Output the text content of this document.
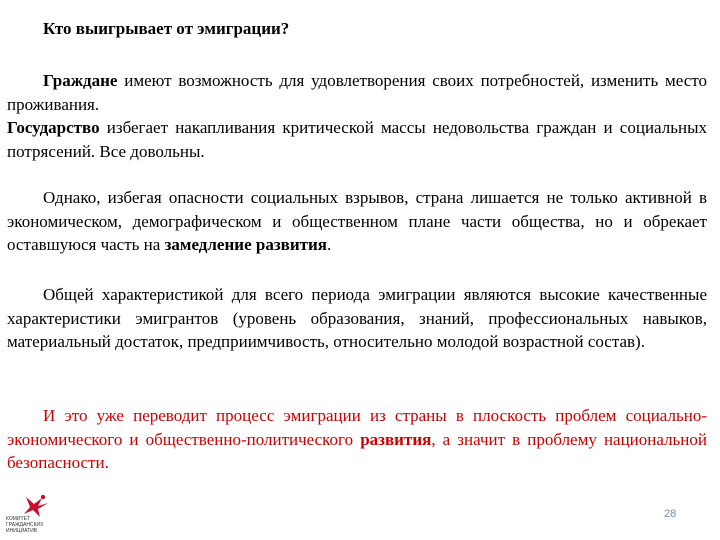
Кто выигрывает от эмиграции?

Граждане имеют возможность для удовлетворения своих потребностей, изменить место проживания.
Государство избегает накапливания критической массы недовольства граждан и социальных потрясений. Все довольны.

Однако, избегая опасности социальных взрывов, страна лишается не только активной в экономическом, демографическом и общественном плане части общества, но и обрекает оставшуюся часть на замедление развития.

Общей характеристикой для всего периода эмиграции являются высокие качественные характеристики эмигрантов (уровень образования, знаний, профессиональных навыков, материальный достаток, предприимчивость, относительно молодой возрастной состав).

И это уже переводит процесс эмиграции из страны в плоскость проблем социально-экономического и общественно-политического развития, а значит в проблему национальной безопасности.

КОМИТЕТ
ГРАЖДАНСКИХ
ИНИЦИАТИВ
28
